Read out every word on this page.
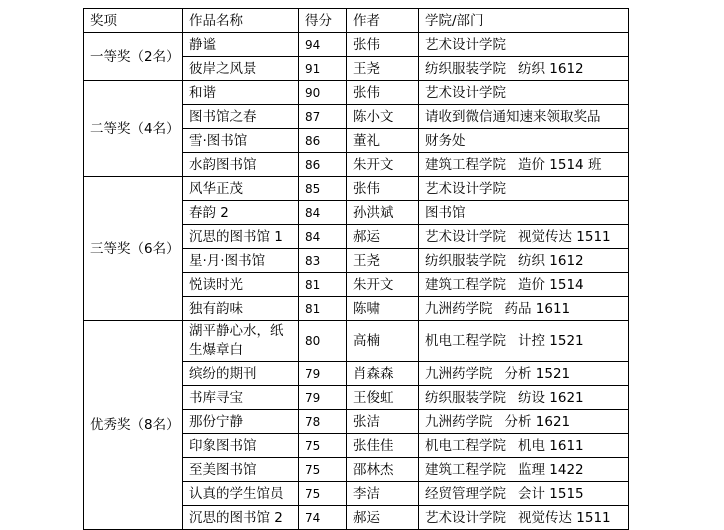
奖项	作品名称	得分	作者	学院/部门
一等奖（2名）	静谧	94	张伟	艺术设计学院
	彼岸之风景	91	王尧	纺织服装学院 纺织 1612
二等奖（4名）	和谐	90	张伟	艺术设计学院
	图书馆之春	87	陈小文	请收到微信通知速来领取奖品
	雪·图书馆	86	董礼	财务处
	水韵图书馆	86	朱开文	建筑工程学院 造价 1514 班
三等奖（6名）	风华正茂	85	张伟	艺术设计学院
	春韵 2	84	孙洪斌	图书馆
	沉思的图书馆 1	84	郝运	艺术设计学院 视觉传达 1511
	星·月·图书馆	83	王尧	纺织服装学院 纺织 1612
	悦读时光	81	朱开文	建筑工程学院 造价 1514
	独有韵味	81	陈啸	九洲药学院 药品 1611
优秀奖（8名）	湖平静心水，纸生爆章白	80	高楠	机电工程学院 计控 1521
	缤纷的期刊	79	肖森森	九洲药学院 分析 1521
	书库寻宝	79	王俊虹	纺织服装学院 纺设 1621
	那份宁静	78	张洁	九洲药学院 分析 1621
	印象图书馆	75	张佳佳	机电工程学院 机电 1611
	至美图书馆	75	邵林杰	建筑工程学院 监理 1422
	认真的学生馆员	75	李洁	经贸管理学院 会计 1515
	沉思的图书馆 2	74	郝运	艺术设计学院 视觉传达 1511
